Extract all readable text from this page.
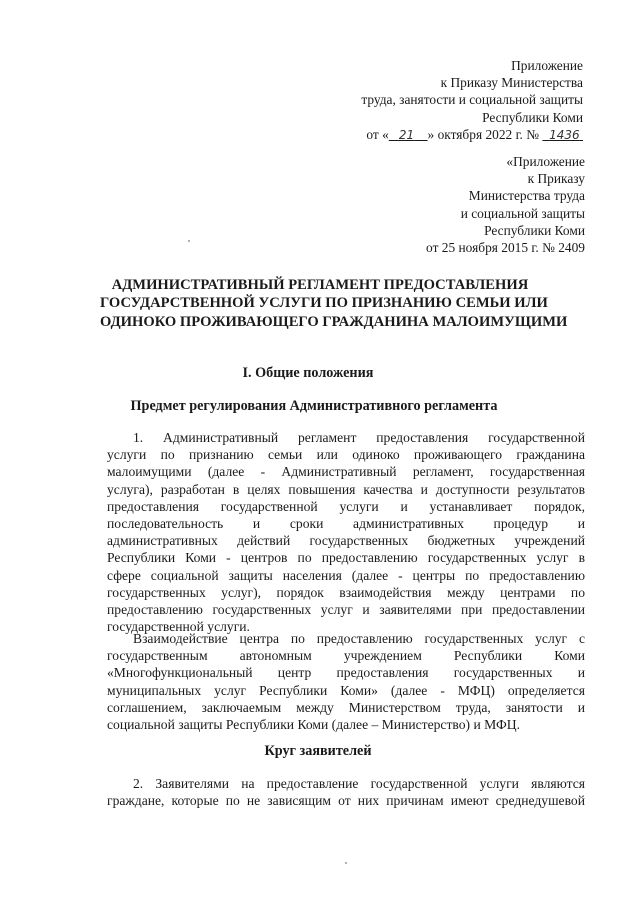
Приложение
к Приказу Министерства
труда, занятости и социальной защиты
Республики Коми
от « 21 » октября 2022 г. № 1436
«Приложение
к Приказу
Министерства труда
и социальной защиты
Республики Коми
от 25 ноября 2015 г. № 2409
АДМИНИСТРАТИВНЫЙ РЕГЛАМЕНТ ПРЕДОСТАВЛЕНИЯ
ГОСУДАРСТВЕННОЙ УСЛУГИ ПО ПРИЗНАНИЮ СЕМЬИ ИЛИ
ОДИНОКО ПРОЖИВАЮЩЕГО ГРАЖДАНИНА МАЛОИМУЩИМИ
I. Общие положения
Предмет регулирования Административного регламента
1. Административный регламент предоставления государственной
услуги по признанию семьи или одиноко проживающего гражданина
малоимущими (далее - Административный регламент, государственная
услуга), разработан в целях повышения качества и доступности результатов
предоставления государственной услуги и устанавливает порядок,
последовательность и сроки административных процедур и
административных действий государственных бюджетных учреждений
Республики Коми - центров по предоставлению государственных услуг в
сфере социальной защиты населения (далее - центры по предоставлению
государственных услуг), порядок взаимодействия между центрами по
предоставлению государственных услуг и заявителями при предоставлении
государственной услуги.
Взаимодействие центра по предоставлению государственных услуг с
государственным автономным учреждением Республики Коми
«Многофункциональный центр предоставления государственных и
муниципальных услуг Республики Коми» (далее - МФЦ) определяется
соглашением, заключаемым между Министерством труда, занятости и
социальной защиты Республики Коми (далее – Министерство) и МФЦ.
Круг заявителей
2. Заявителями на предоставление государственной услуги являются
граждане, которые по не зависящим от них причинам имеют среднедушевой
